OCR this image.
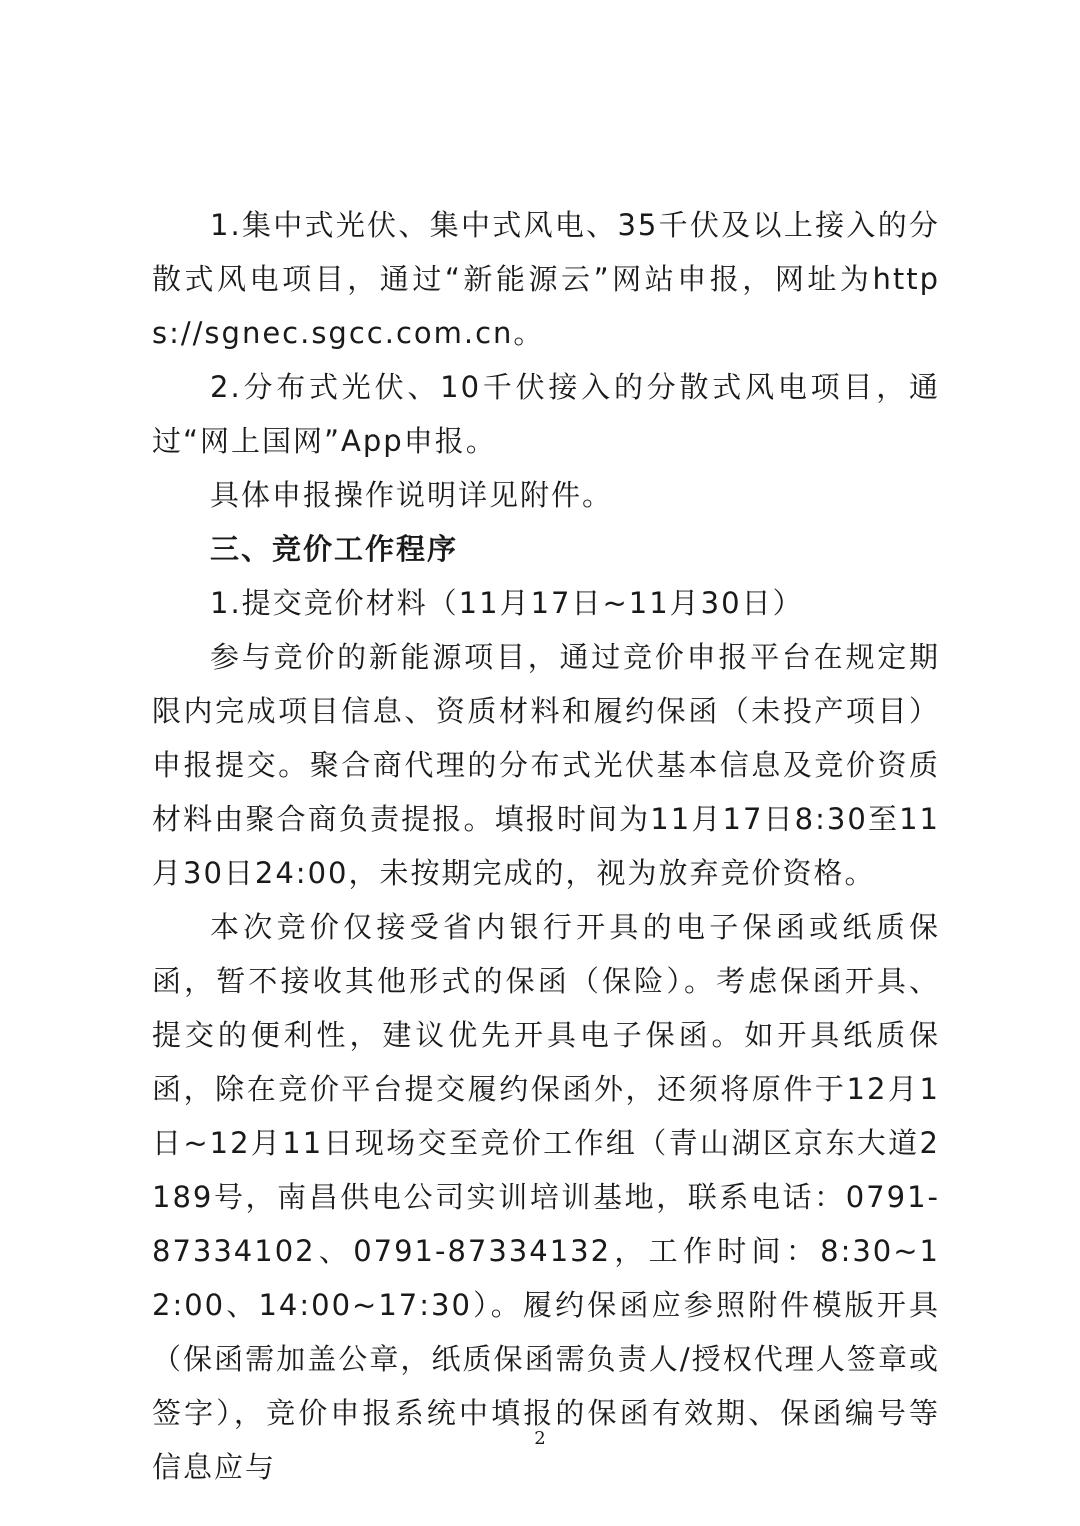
1.集中式光伏、集中式风电、35千伏及以上接入的分散式风电项目，通过“新能源云”网站申报，网址为https://sgnec.sgcc.com.cn。

2.分布式光伏、10千伏接入的分散式风电项目，通过“网上国网”App申报。

具体申报操作说明详见附件。

三、竞价工作程序

1.提交竞价材料（11月17日~11月30日）

参与竞价的新能源项目，通过竞价申报平台在规定期限内完成项目信息、资质材料和履约保函（未投产项目）申报提交。聚合商代理的分布式光伏基本信息及竞价资质材料由聚合商负责提报。填报时间为11月17日8:30至11月30日24:00，未按期完成的，视为放弃竞价资格。

本次竞价仅接受省内银行开具的电子保函或纸质保函，暂不接收其他形式的保函（保险）。考虑保函开具、提交的便利性，建议优先开具电子保函。如开具纸质保函，除在竞价平台提交履约保函外，还须将原件于12月1日~12月11日现场交至竞价工作组（青山湖区京东大道2189号，南昌供电公司实训培训基地，联系电话：0791-87334102、0791-87334132，工作时间：8:30~12:00、14:00~17:30）。履约保函应参照附件模版开具（保函需加盖公章，纸质保函需负责人/授权代理人签章或签字），竞价申报系统中填报的保函有效期、保函编号等信息应与

2
